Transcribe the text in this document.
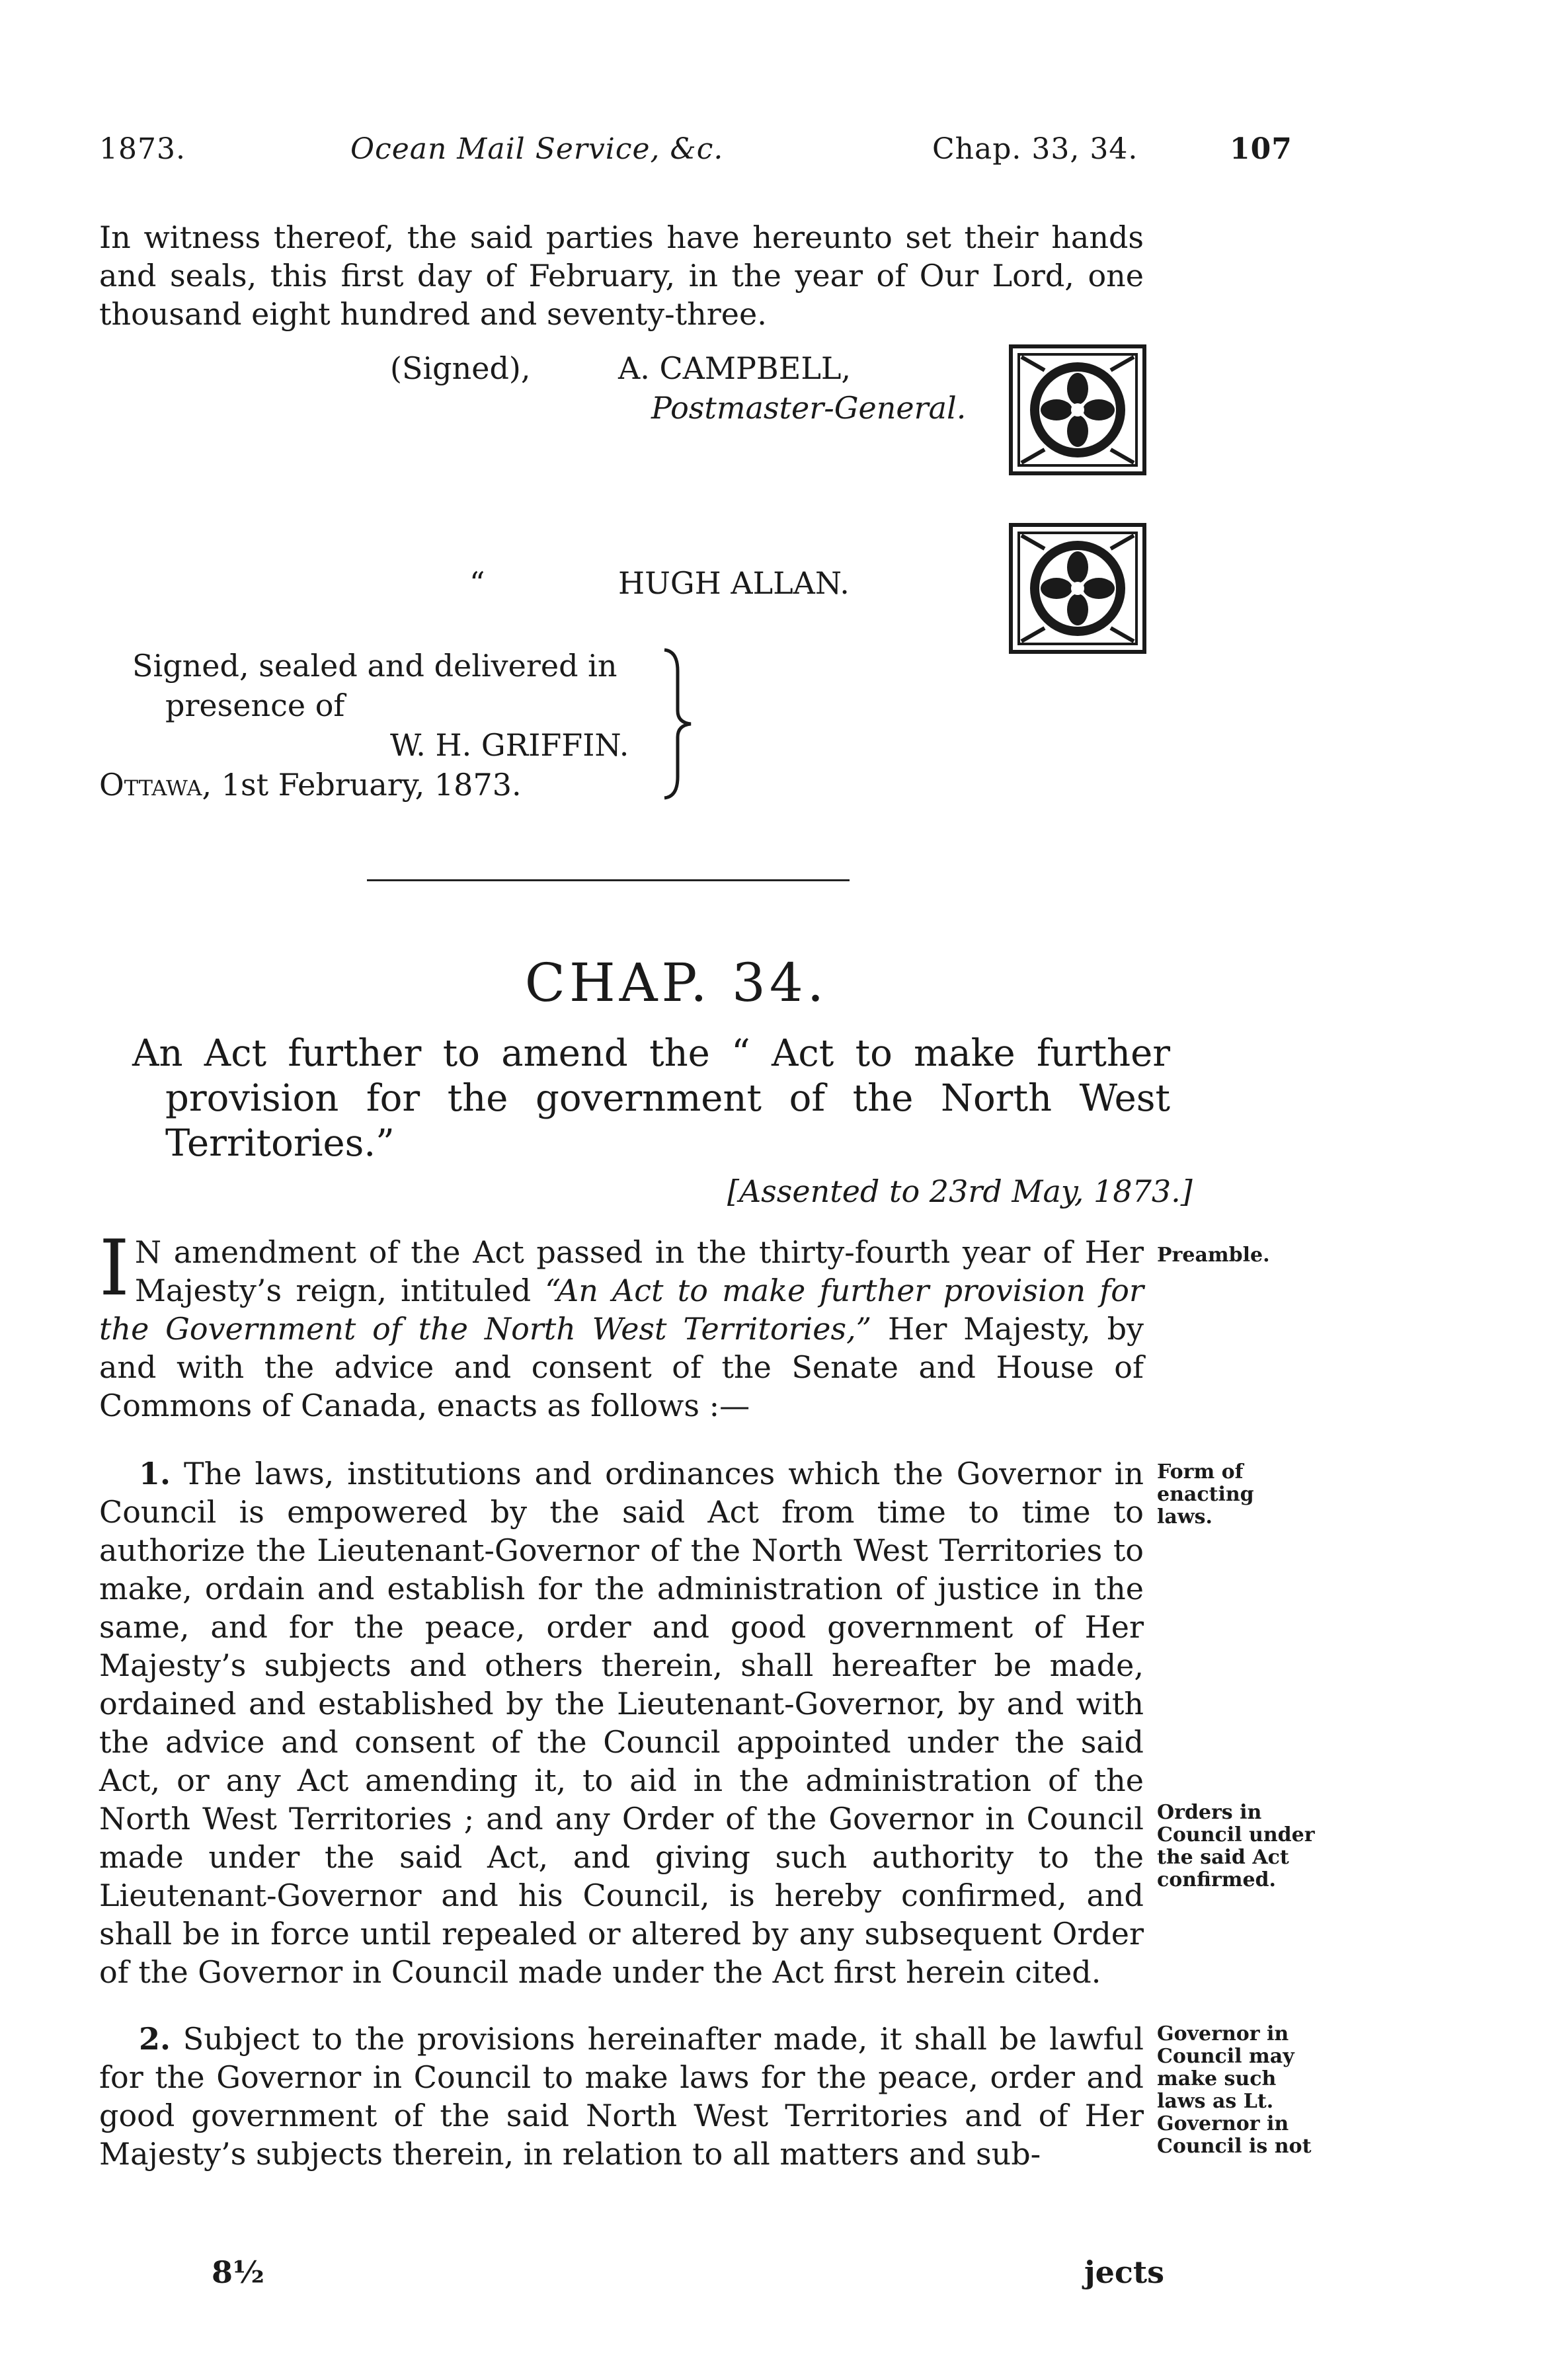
1873.	Ocean Mail Service, &c.	Chap. 33, 34.	107
In witness thereof, the said parties have hereunto set their hands and seals, this first day of February, in the year of Our Lord, one thousand eight hundred and seventy-three.
(Signed),	A. CAMPBELL,
Postmaster-General.
“	HUGH ALLAN.
Signed, sealed and delivered in
presence of
W. H. GRIFFIN.
Ottawa, 1st February, 1873.
CHAP. 34.
An Act further to amend the “ Act to make further provision for the government of the North West Territories.”
[Assented to 23rd May, 1873.]
I N amendment of the Act passed in the thirty-fourth year of Her Majesty’s reign, intituled “An Act to make further provision for the Government of the North West Territories,” Her Majesty, by and with the advice and consent of the Senate and House of Commons of Canada, enacts as follows :—
Preamble.
1. The laws, institutions and ordinances which the Governor in Council is empowered by the said Act from time to time to authorize the Lieutenant-Governor of the North West Territories to make, ordain and establish for the administration of justice in the same, and for the peace, order and good government of Her Majesty’s subjects and others therein, shall hereafter be made, ordained and established by the Lieutenant-Governor, by and with the advice and consent of the Council appointed under the said Act, or any Act amending it, to aid in the administration of the North West Territories ; and any Order of the Governor in Council made under the said Act, and giving such authority to the Lieutenant-Governor and his Council, is hereby confirmed, and shall be in force until repealed or altered by any subsequent Order of the Governor in Council made under the Act first herein cited.
Form of enacting laws.
Orders in Council under the said Act confirmed.
2. Subject to the provisions hereinafter made, it shall be lawful for the Governor in Council to make laws for the peace, order and good government of the said North West Territories and of Her Majesty’s subjects therein, in relation to all matters and sub-
Governor in Council may make such laws as Lt. Governor in Council is not
8½	jects
